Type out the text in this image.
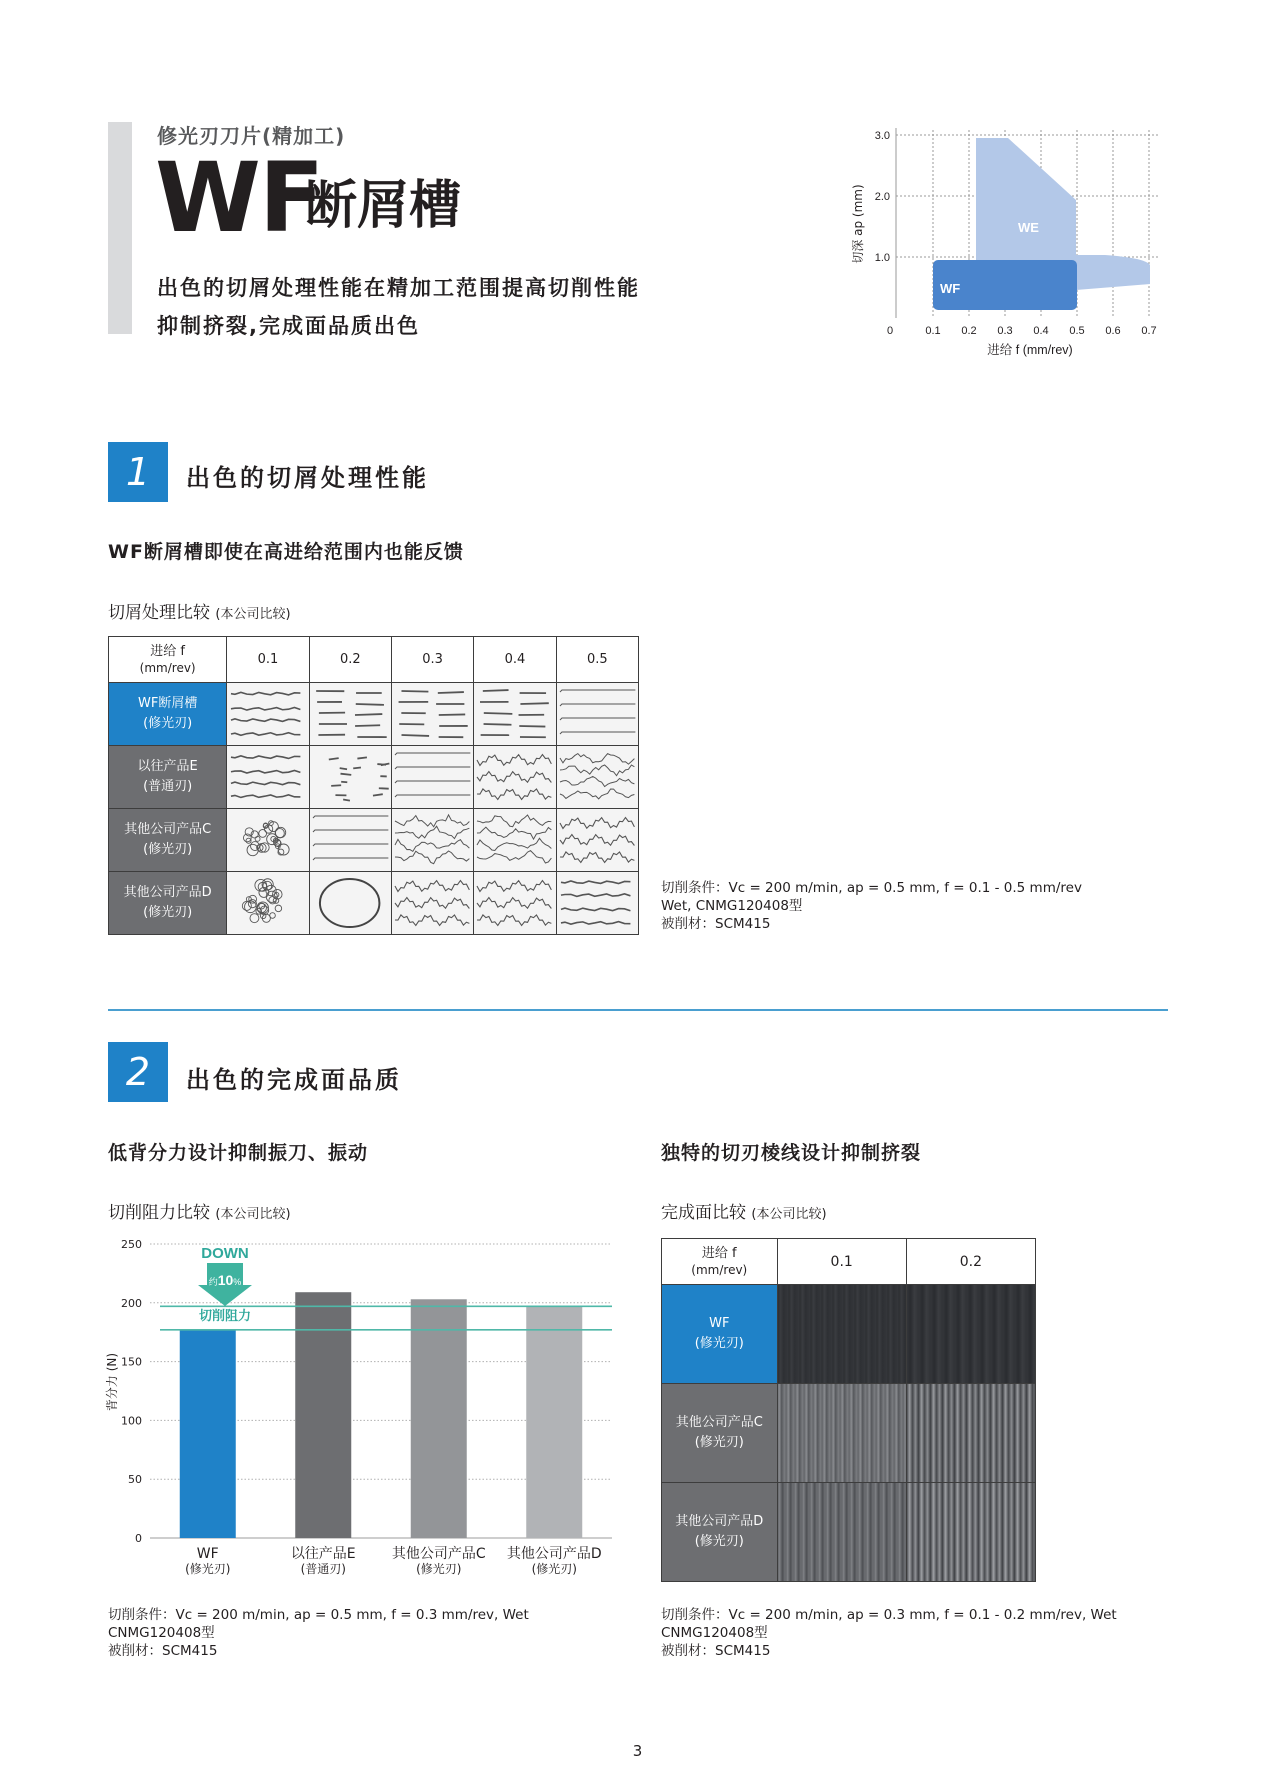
修光刃刀片(精加工)
WF
断屑槽
出色的切屑处理性能在精加工范围提高切削性能
抑制挤裂,完成面品质出色
WE
WF
3.0
2.0
1.0
0	0.1 0.2 0.3 0.4 0.5 0.6 0.7
进给 f (mm/rev)
切深 ap (mm)
1	出色的切屑处理性能
WF断屑槽即使在高进给范围内也能反馈
切屑处理比较 (本公司比较)
进给 f
(mm/rev)	0.1	0.2	0.3	0.4	0.5

WF断屑槽
(修光刃)

以往产品E
(普通刃)

其他公司产品C
(修光刃)

其他公司产品D
(修光刃)

切削条件：Vc = 200 m/min, ap = 0.5 mm, f = 0.1 - 0.5 mm/rev
Wet, CNMG120408型
被削材：SCM415
2	出色的完成面品质
低背分力设计抑制振刀、振动	独特的切刃棱线设计抑制挤裂
切削阻力比较 (本公司比较)	完成面比较 (本公司比较)
0
50
100
150
200
250
WF
(修光刃)
以往产品E
(普通刃)
其他公司产品C
(修光刃)
其他公司产品D
(修光刃)
背分力 (N)
DOWN
约10%
切削阻力
切削条件：Vc = 200 m/min, ap = 0.5 mm, f = 0.3 mm/rev, Wet
CNMG120408型
被削材：SCM415
进给 f
(mm/rev)	0.1	0.2

WF
(修光刃)		

其他公司产品C
(修光刃)		

其他公司产品D
(修光刃)		

切削条件：Vc = 200 m/min, ap = 0.3 mm, f = 0.1 - 0.2 mm/rev, Wet
CNMG120408型
被削材：SCM415
3
